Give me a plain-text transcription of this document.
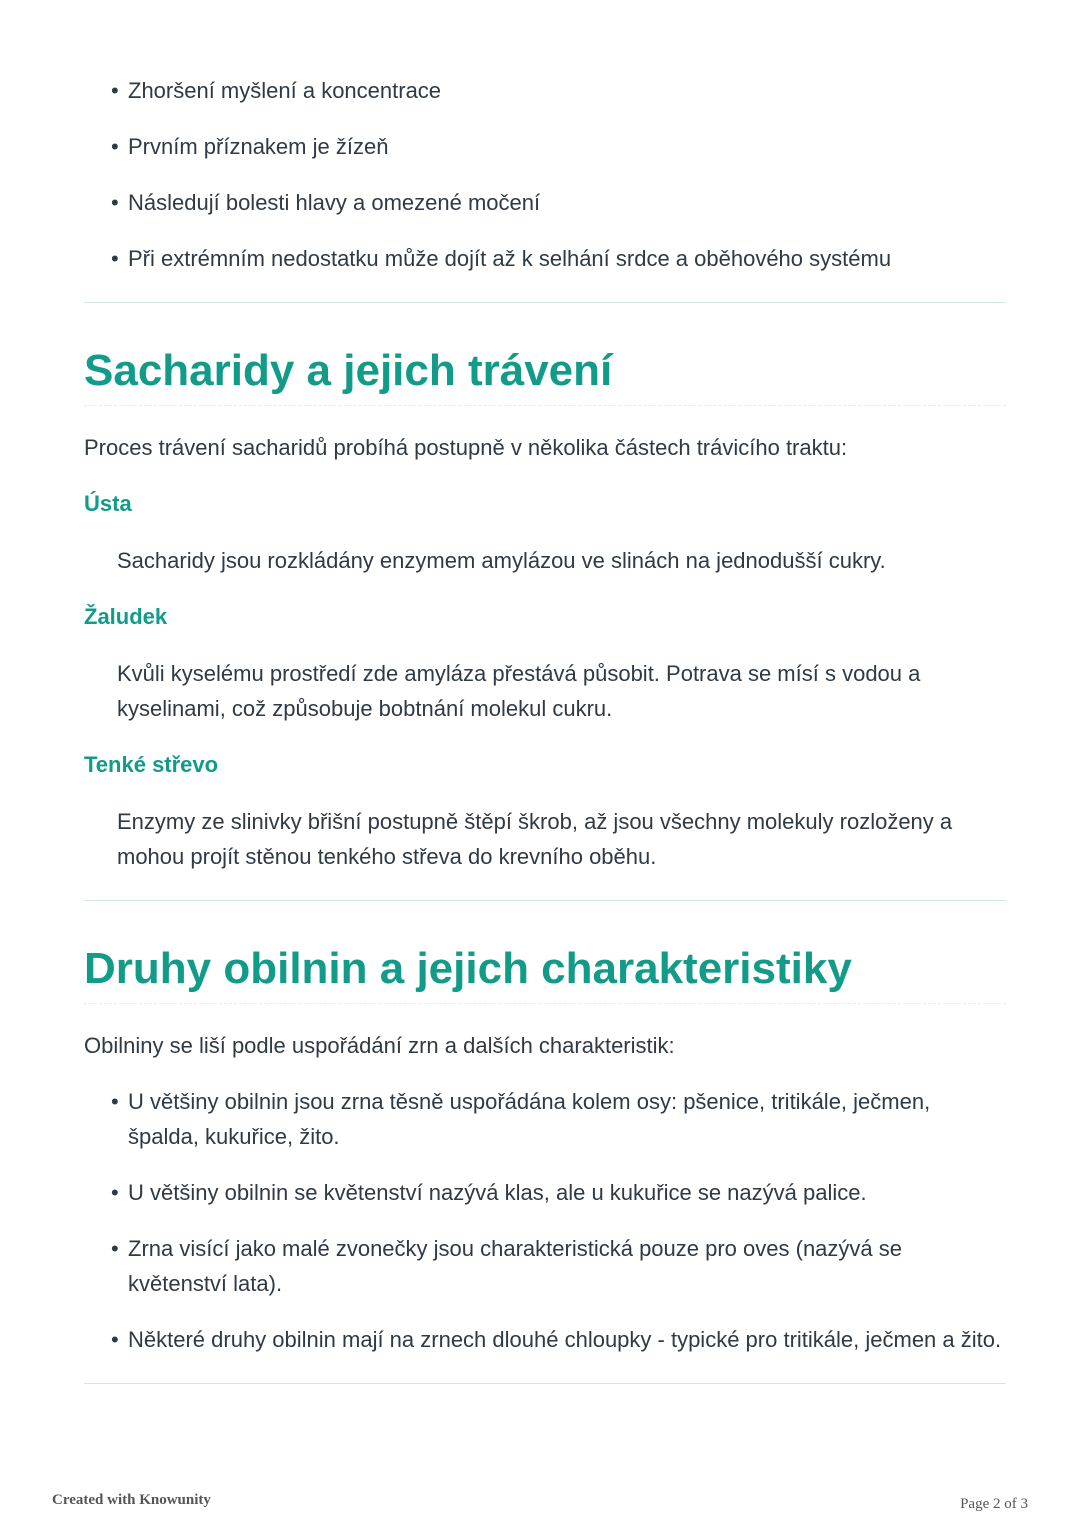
• Zhoršení myšlení a koncentrace
• Prvním příznakem je žízeň
• Následují bolesti hlavy a omezené močení
• Při extrémním nedostatku může dojít až k selhání srdce a oběhového systému
Sacharidy a jejich trávení

Proces trávení sacharidů probíhá postupně v několika částech trávicího traktu:

Ústa

Sacharidy jsou rozkládány enzymem amylázou ve slinách na jednodušší cukry.

Žaludek

Kvůli kyselému prostředí zde amyláza přestává působit. Potrava se mísí s vodou a kyselinami, což způsobuje bobtnání molekul cukru.

Tenké střevo

Enzymy ze slinivky břišní postupně štěpí škrob, až jsou všechny molekuly rozloženy a mohou projít stěnou tenkého střeva do krevního oběhu.

Druhy obilnin a jejich charakteristiky

Obilniny se liší podle uspořádání zrn a dalších charakteristik:

• U většiny obilnin jsou zrna těsně uspořádána kolem osy: pšenice, tritikále, ječmen, špalda, kukuřice, žito.
• U většiny obilnin se květenství nazývá klas, ale u kukuřice se nazývá palice.
• Zrna visící jako malé zvonečky jsou charakteristická pouze pro oves (nazývá se květenství lata).
• Některé druhy obilnin mají na zrnech dlouhé chloupky - typické pro tritikále, ječmen a žito.
Created with Knowunity	Page 2 of 3
